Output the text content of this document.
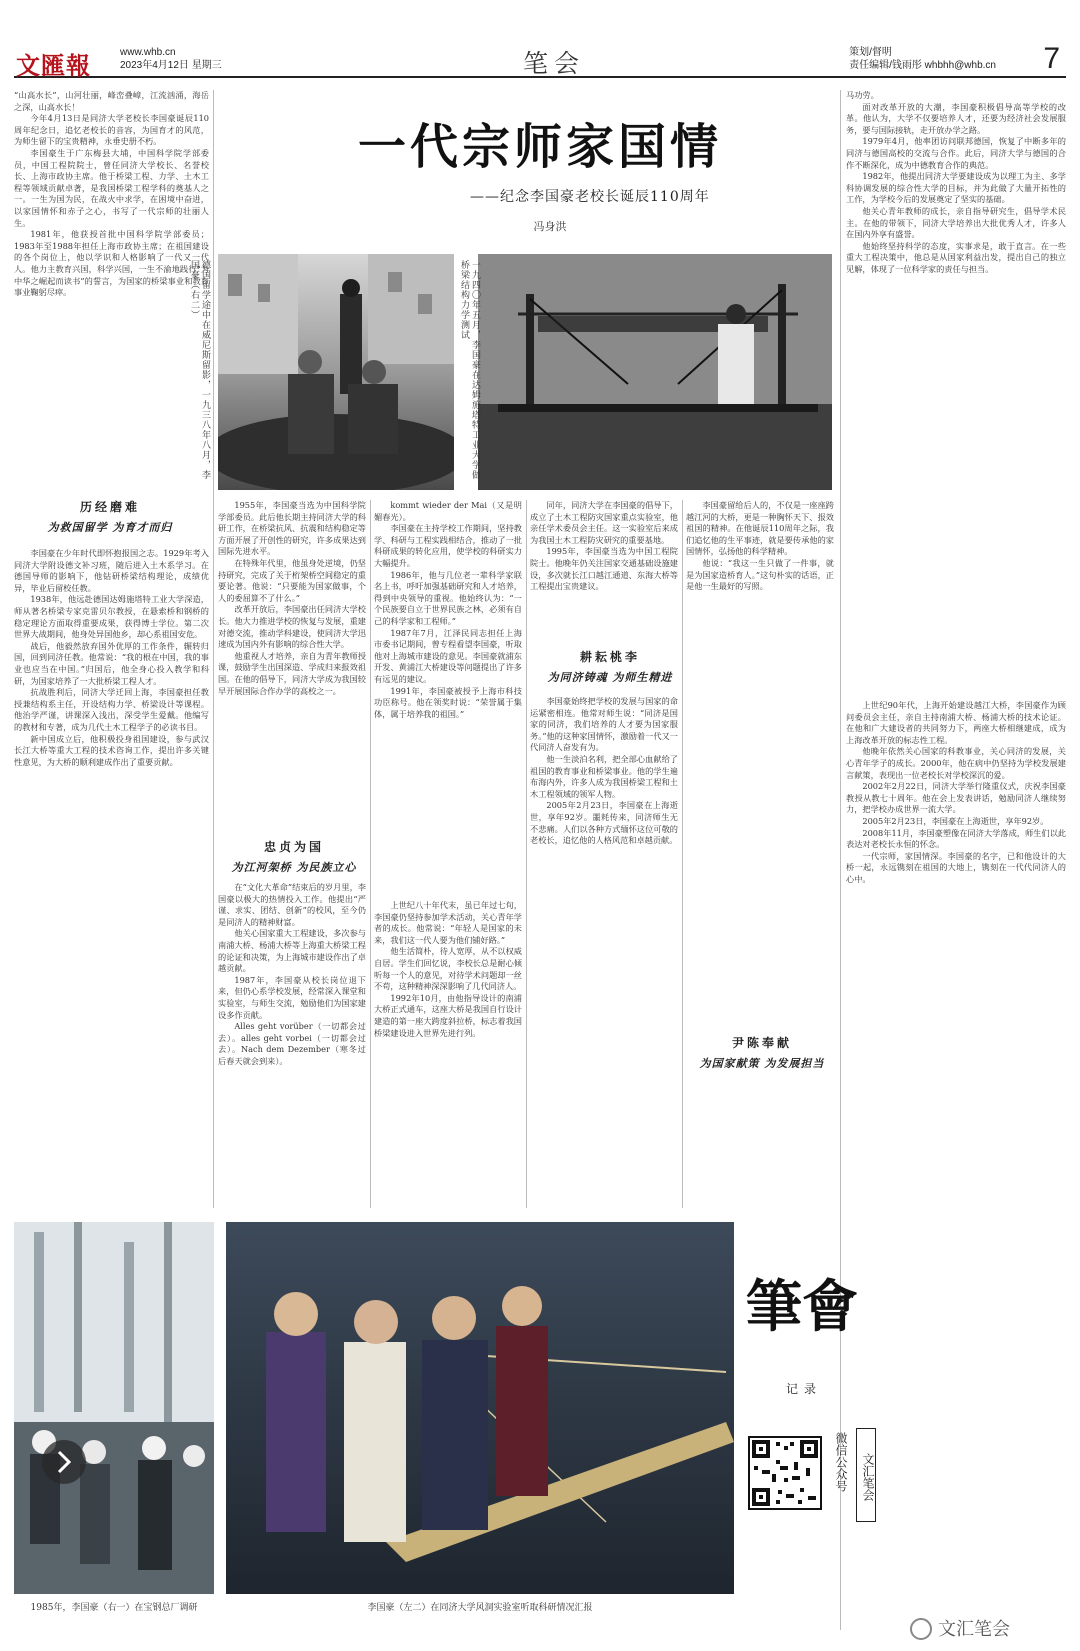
文匯報	www.whb.cn
2023年4月12日 星期三	笔会	策划/督明
责任编辑/钱雨彤 whbhh@whb.cn 7

“山高水长”，山河壮丽，峰峦叠嶂，江流汹涌，海岳之深，山高水长！

今年4月13日是同济大学老校长李国豪诞辰110周年纪念日，追忆老校长的音容，为国育才的风范，为师生留下的宝贵精神，永垂史册不朽。

李国豪生于广东梅县大埔，中国科学院学部委员，中国工程院院士，曾任同济大学校长、名誉校长、上海市政协主席。他于桥梁工程、力学、土木工程等领域贡献卓著，是我国桥梁工程学科的奠基人之一。一生为国为民，在战火中求学，在困境中奋进，以家国情怀和赤子之心，书写了一代宗师的壮丽人生。

1981年，他获授首批中国科学院学部委员；1983年至1988年担任上海市政协主席；在祖国建设的各个岗位上，他以学识和人格影响了一代又一代人。他力主教育兴国，科学兴国，一生不渝地践行“为中华之崛起而读书”的誓言，为国家的桥梁事业和教育事业鞠躬尽瘁。

历经磨难
为救国留学 为育才而归

李国豪在少年时代即怀抱报国之志。1929年考入同济大学附设德文补习班，随后进入土木系学习。在德国导师的影响下，他钻研桥梁结构理论，成绩优异，毕业后留校任教。

1938年，他远赴德国达姆施塔特工业大学深造，师从著名桥梁专家克雷贝尔教授，在悬索桥和钢桥的稳定理论方面取得重要成果，获得博士学位。第二次世界大战期间，他身处异国他乡，却心系祖国安危。

战后，他毅然放弃国外优厚的工作条件，辗转归国，回到同济任教。他常说：“我的根在中国，我的事业也应当在中国。”归国后，他全身心投入教学和科研，为国家培养了一大批桥梁工程人才。

抗战胜利后，同济大学迁回上海，李国豪担任教授兼结构系主任，开设结构力学、桥梁设计等课程。他治学严谨，讲课深入浅出，深受学生爱戴。他编写的教材和专著，成为几代土木工程学子的必读书目。

新中国成立后，他积极投身祖国建设，参与武汉长江大桥等重大工程的技术咨询工作，提出许多关键性意见，为大桥的顺利建成作出了重要贡献。

一代宗师家国情
——纪念李国豪老校长诞辰110周年
冯身洪
德国留学途中在威尼斯留影，一九三八年八月，李国豪（右二）	一九四〇年五月，李国豪在达姆施塔特工业大学做桥梁结构力学测试

1955年，李国豪当选为中国科学院学部委员。此后他长期主持同济大学的科研工作，在桥梁抗风、抗震和结构稳定等方面开展了开创性的研究，许多成果达到国际先进水平。

在特殊年代里，他虽身处逆境，仍坚持研究，完成了关于桁架桥空间稳定的重要论著。他说：“只要能为国家做事，个人的委屈算不了什么。”

改革开放后，李国豪出任同济大学校长。他大力推进学校的恢复与发展，重建对德交流，推动学科建设，使同济大学迅速成为国内外有影响的综合性大学。

他重视人才培养，亲自为青年教师授课，鼓励学生出国深造、学成归来报效祖国。在他的倡导下，同济大学成为我国较早开展国际合作办学的高校之一。

忠贞为国
为江河架桥 为民族立心

在“文化大革命”结束后的岁月里，李国豪以极大的热情投入工作。他提出“严谨、求实、团结、创新”的校风，至今仍是同济人的精神财富。

他关心国家重大工程建设，多次参与南浦大桥、杨浦大桥等上海重大桥梁工程的论证和决策，为上海城市建设作出了卓越贡献。

1987年，李国豪从校长岗位退下来，但仍心系学校发展，经常深入课堂和实验室，与师生交流，勉励他们为国家建设多作贡献。

Alles geht vorüber（一切都会过去）。alles geht vorbei（一切都会过去）。Nach dem Dezember（寒冬过后春天就会到来）。

kommt wieder der Mai（又是明媚春光）。

李国豪在主持学校工作期间，坚持教学、科研与工程实践相结合，推动了一批科研成果的转化应用，使学校的科研实力大幅提升。

1986年，他与几位老一辈科学家联名上书，呼吁加强基础研究和人才培养，得到中央领导的重视。他始终认为：“一个民族要自立于世界民族之林，必须有自己的科学家和工程师。”

1987年7月，江泽民同志担任上海市委书记期间，曾专程看望李国豪，听取他对上海城市建设的意见。李国豪就浦东开发、黄浦江大桥建设等问题提出了许多有远见的建议。

1991年，李国豪被授予上海市科技功臣称号。他在领奖时说：“荣誉属于集体，属于培养我的祖国。”

上世纪八十年代末，虽已年过七旬，李国豪仍坚持参加学术活动，关心青年学者的成长。他常说：“年轻人是国家的未来，我们这一代人要为他们铺好路。”

他生活简朴，待人宽厚，从不以权威自居。学生们回忆说，李校长总是耐心倾听每一个人的意见，对待学术问题却一丝不苟，这种精神深深影响了几代同济人。

1992年10月，由他指导设计的南浦大桥正式通车，这座大桥是我国自行设计建造的第一座大跨度斜拉桥，标志着我国桥梁建设进入世界先进行列。

同年，同济大学在李国豪的倡导下，成立了土木工程防灾国家重点实验室，他亲任学术委员会主任。这一实验室后来成为我国土木工程防灾研究的重要基地。

1995年，李国豪当选为中国工程院院士。他晚年仍关注国家交通基础设施建设，多次就长江口越江通道、东海大桥等工程提出宝贵建议。

耕耘桃李
为同济铸魂 为师生精进

李国豪始终把学校的发展与国家的命运紧密相连。他常对师生说：“同济是国家的同济，我们培养的人才要为国家服务。”他的这种家国情怀，激励着一代又一代同济人奋发有为。

他一生淡泊名利，把全部心血献给了祖国的教育事业和桥梁事业。他的学生遍布海内外，许多人成为我国桥梁工程和土木工程领域的领军人物。

2005年2月23日，李国豪在上海逝世，享年92岁。噩耗传来，同济师生无不悲痛。人们以各种方式缅怀这位可敬的老校长，追忆他的人格风范和卓越贡献。

李国豪留给后人的，不仅是一座座跨越江河的大桥，更是一种胸怀天下、报效祖国的精神。在他诞辰110周年之际，我们追忆他的生平事迹，就是要传承他的家国情怀，弘扬他的科学精神。

他说：“我这一生只做了一件事，就是为国家造桥育人。”这句朴实的话语，正是他一生最好的写照。

尹陈奉献
为国家献策 为发展担当

马功劳。

面对改革开放的大潮，李国豪积极倡导高等学校的改革。他认为，大学不仅要培养人才，还要为经济社会发展服务，要与国际接轨，走开放办学之路。

1979年4月，他率团访问联邦德国，恢复了中断多年的同济与德国高校的交流与合作。此后，同济大学与德国的合作不断深化，成为中德教育合作的典范。

1982年，他提出同济大学要建设成为以理工为主、多学科协调发展的综合性大学的目标，并为此做了大量开拓性的工作，为学校今后的发展奠定了坚实的基础。

他关心青年教师的成长，亲自指导研究生，倡导学术民主。在他的带领下，同济大学培养出大批优秀人才，许多人在国内外享有盛誉。

他始终坚持科学的态度，实事求是，敢于直言。在一些重大工程决策中，他总是从国家利益出发，提出自己的独立见解，体现了一位科学家的责任与担当。

上世纪90年代，上海开始建设越江大桥，李国豪作为顾问委员会主任，亲自主持南浦大桥、杨浦大桥的技术论证。在他和广大建设者的共同努力下，两座大桥相继建成，成为上海改革开放的标志性工程。

他晚年依然关心国家的科教事业，关心同济的发展，关心青年学子的成长。2000年，他在病中仍坚持为学校发展建言献策，表现出一位老校长对学校深沉的爱。

2002年2月22日，同济大学举行隆重仪式，庆祝李国豪教授从教七十周年。他在会上发表讲话，勉励同济人继续努力，把学校办成世界一流大学。

2005年2月23日，李国豪在上海逝世，享年92岁。

2008年11月，李国豪塑像在同济大学落成，师生们以此表达对老校长永恒的怀念。

一代宗师，家国情深。李国豪的名字，已和他设计的大桥一起，永远镌刻在祖国的大地上，镌刻在一代代同济人的心中。

1985年，李国豪（右一）在宝钢总厂调研	李国豪（左二）在同济大学风洞实验室听取科研情况汇报
筆會
记录
微信公众号	文汇笔会
文汇笔会
